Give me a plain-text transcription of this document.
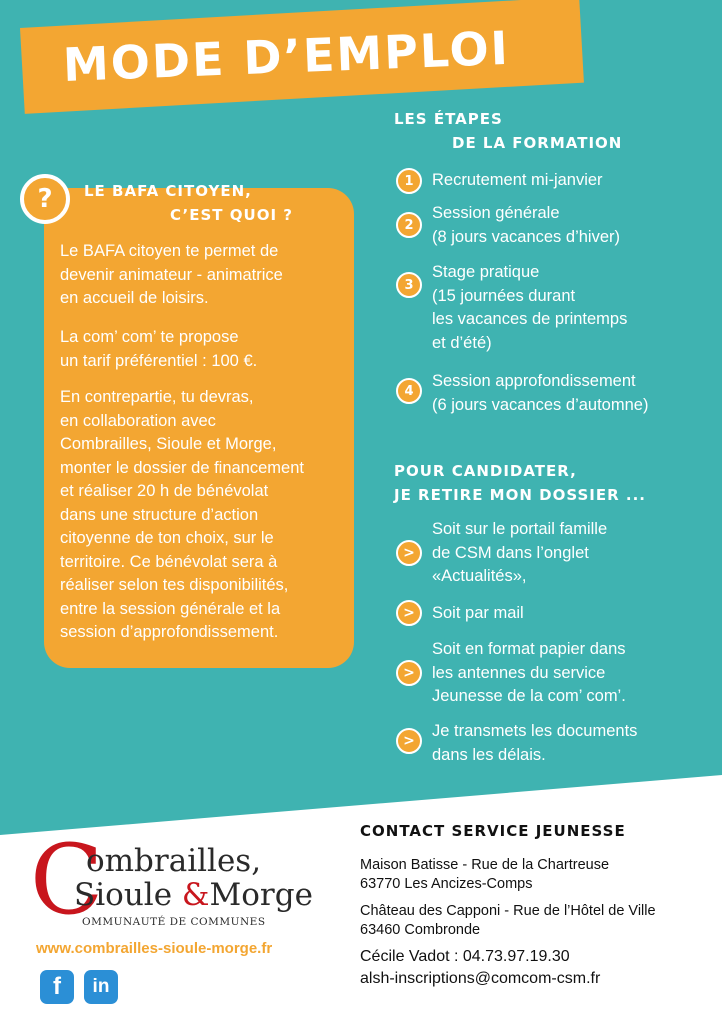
MODE D’EMPLOI
?	LE BAFA CITOYEN,
C’EST QUOI ?
Le BAFA citoyen te permet de
devenir animateur - animatrice
en accueil de loisirs.
La com’ com’ te propose
un tarif préférentiel : 100 €.
En contrepartie, tu devras,
en collaboration avec
Combrailles, Sioule et Morge,
monter le dossier de financement
et réaliser 20 h de bénévolat
dans une structure d’action
citoyenne de ton choix, sur le
territoire. Ce bénévolat sera à
réaliser selon tes disponibilités,
entre la session générale et la
session d’approfondissement.
LES ÉTAPES
DE LA FORMATION
1	Recrutement mi-janvier
2
Session générale
(8 jours vacances d’hiver)
3
Stage pratique
(15 journées durant
les vacances de printemps
et d’été)
4
Session approfondissement
(6 jours vacances d’automne)
POUR CANDIDATER,
JE RETIRE MON DOSSIER ...
>
Soit sur le portail famille
de CSM dans l’onglet
«Actualités»,
>	Soit par mail
>
Soit en format papier dans
les antennes du service
Jeunesse de la com’ com’.
>
Je transmets les documents
dans les délais.
C
ombrailles,
Sioule &Morge
OMMUNAUTÉ DE COMMUNES
www.combrailles-sioule-morge.fr
f	in
CONTACT SERVICE JEUNESSE
Maison Batisse - Rue de la Chartreuse
63770 Les Ancizes-Comps
Château des Capponi - Rue de l’Hôtel de Ville
63460 Combronde
Cécile Vadot : 04.73.97.19.30
alsh-inscriptions@comcom-csm.fr
